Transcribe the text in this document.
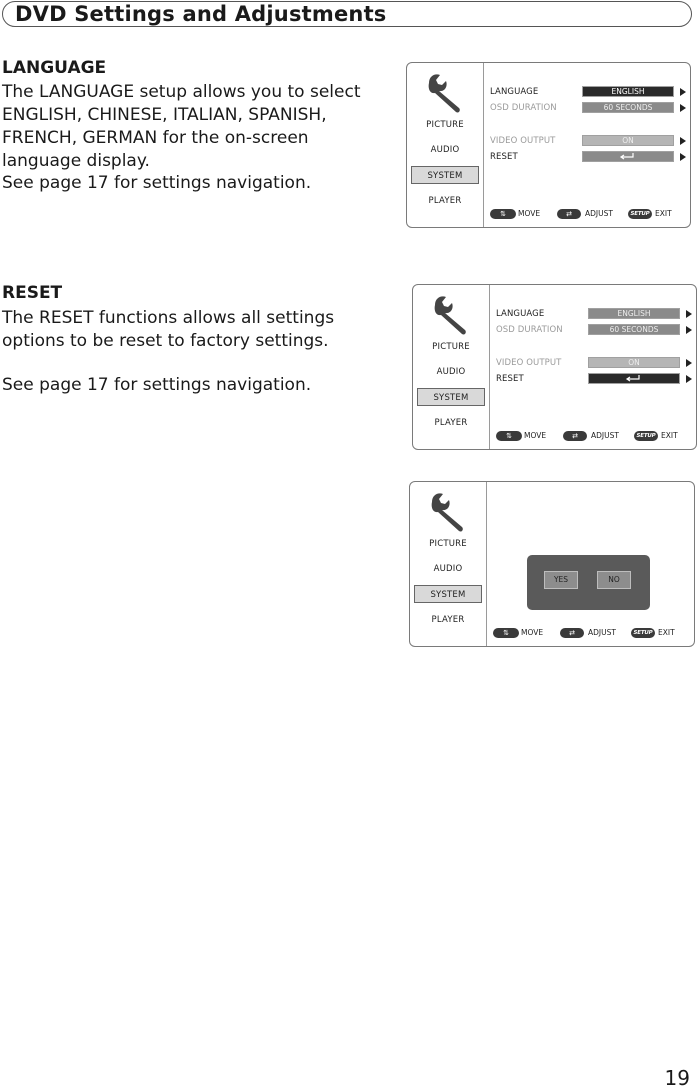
DVD Settings and Adjustments
LANGUAGE

The LANGUAGE setup allows you to select ENGLISH, CHINESE, ITALIAN, SPANISH, FRENCH, GERMAN for the on-screen language display.

See page 17 for settings navigation.

RESET

The RESET functions allows all settings options to be reset to factory settings.

See page 17 for settings navigation.

PICTURE
AUDIO
SYSTEM
PLAYER
LANGUAGE	ENGLISH
OSD DURATION	60 SECONDS
VIDEO OUTPUT	ON
RESET
⇅	MOVE	⇄	ADJUST	SETUP EXIT
PICTURE
AUDIO
SYSTEM
PLAYER
LANGUAGE	ENGLISH
OSD DURATION	60 SECONDS
VIDEO OUTPUT	ON
RESET
⇅	MOVE	⇄	ADJUST	SETUP EXIT
PICTURE
AUDIO
SYSTEM
PLAYER
YES	NO
⇅	MOVE	⇄	ADJUST	SETUP EXIT
19
